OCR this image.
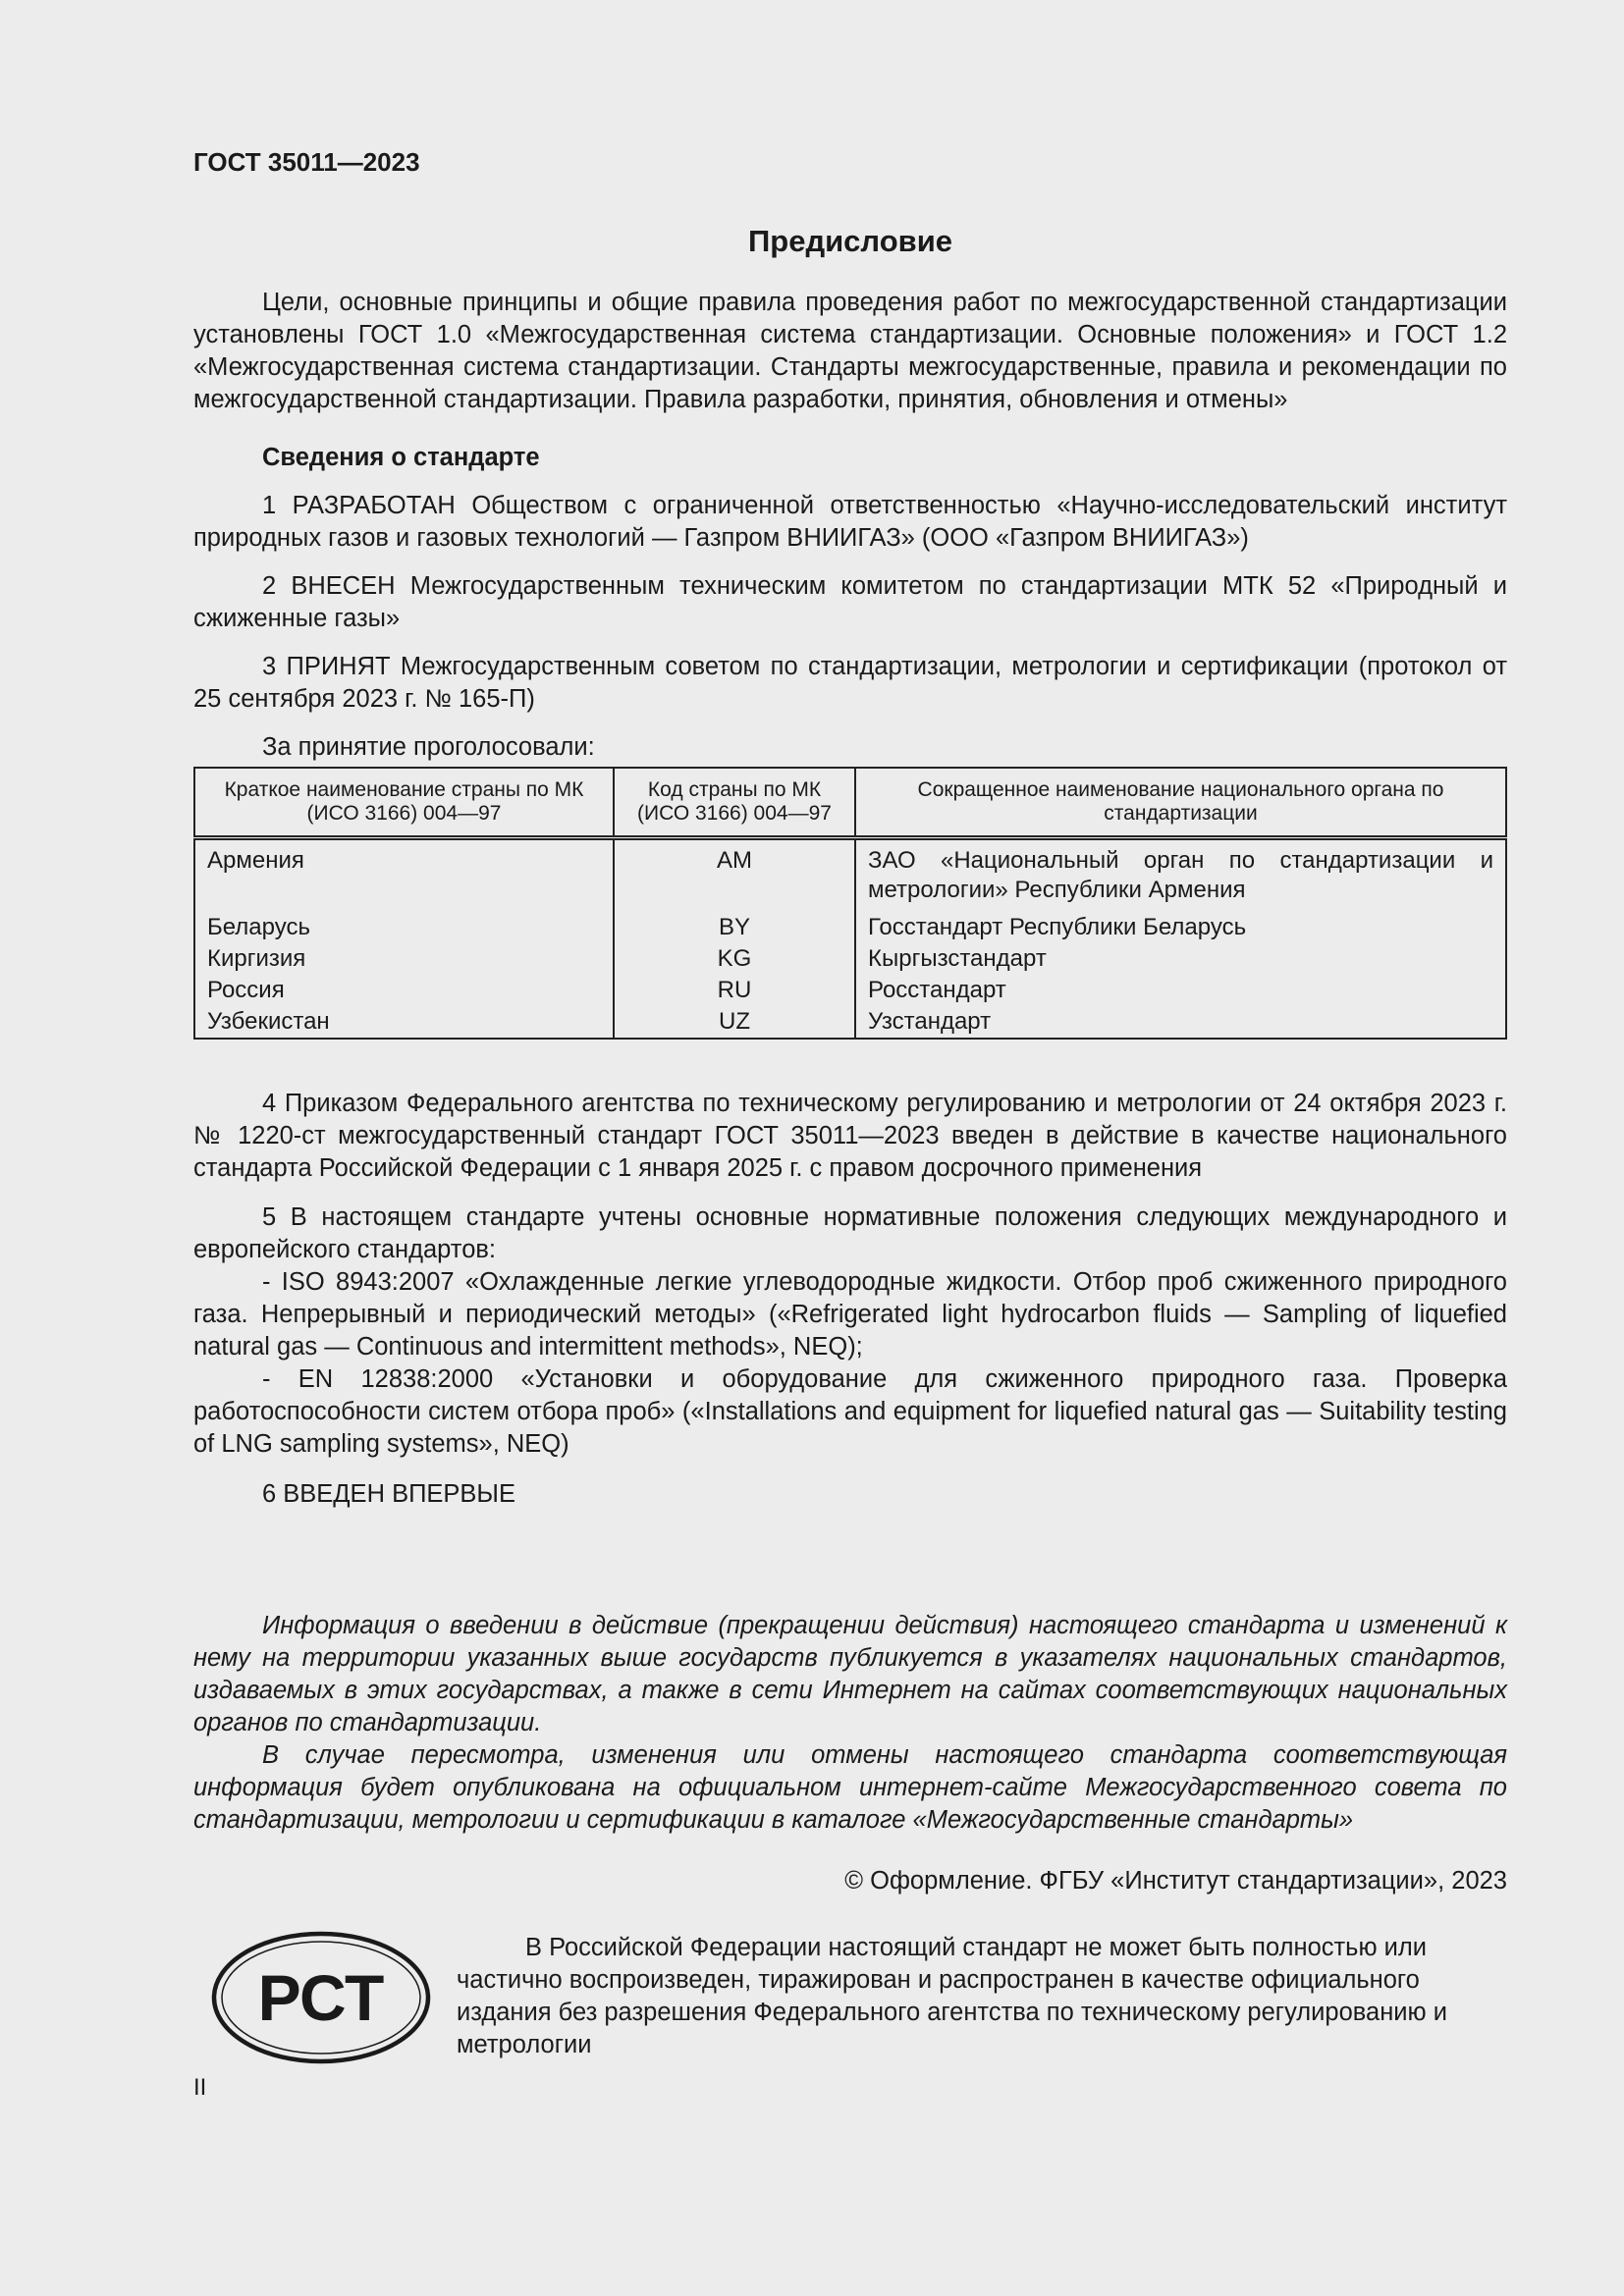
ГОСТ 35011—2023
Предисловие

Цели, основные принципы и общие правила проведения работ по межгосударственной стандартизации установлены ГОСТ 1.0 «Межгосударственная система стандартизации. Основные положения» и ГОСТ 1.2 «Межгосударственная система стандартизации. Стандарты межгосударственные, правила и рекомендации по межгосударственной стандартизации. Правила разработки, принятия, обновления и отмены»

Сведения о стандарте

1 РАЗРАБОТАН Обществом с ограниченной ответственностью «Научно-исследовательский институт природных газов и газовых технологий — Газпром ВНИИГАЗ» (ООО «Газпром ВНИИГАЗ»)

2 ВНЕСЕН Межгосударственным техническим комитетом по стандартизации МТК 52 «Природный и сжиженные газы»

3 ПРИНЯТ Межгосударственным советом по стандартизации, метрологии и сертификации (протокол от 25 сентября 2023 г. № 165-П)

За принятие проголосовали:

Краткое наименование страны по МК (ИСО 3166) 004—97	Код страны по МК (ИСО 3166) 004—97	Сокращенное наименование национального органа по стандартизации
Армения	AM	ЗАО «Национальный орган по стандартизации и метрологии» Республики Армения
Беларусь	BY	Госстандарт Республики Беларусь
Киргизия	KG	Кыргызстандарт
Россия	RU	Росстандарт
Узбекистан	UZ	Узстандарт

4 Приказом Федерального агентства по техническому регулированию и метрологии от 24 октября 2023 г. № 1220-ст межгосударственный стандарт ГОСТ 35011—2023 введен в действие в качестве национального стандарта Российской Федерации с 1 января 2025 г. с правом досрочного применения

5 В настоящем стандарте учтены основные нормативные положения следующих международного и европейского стандартов:

- ISO 8943:2007 «Охлажденные легкие углеводородные жидкости. Отбор проб сжиженного природного газа. Непрерывный и периодический методы» («Refrigerated light hydrocarbon fluids — Sampling of liquefied natural gas — Continuous and intermittent methods», NEQ);

- EN 12838:2000 «Установки и оборудование для сжиженного природного газа. Проверка работоспособности систем отбора проб» («Installations and equipment for liquefied natural gas — Suitability testing of LNG sampling systems», NEQ)

6 ВВЕДЕН ВПЕРВЫЕ

Информация о введении в действие (прекращении действия) настоящего стандарта и изменений к нему на территории указанных выше государств публикуется в указателях национальных стандартов, издаваемых в этих государствах, а также в сети Интернет на сайтах соответствующих национальных органов по стандартизации.

В случае пересмотра, изменения или отмены настоящего стандарта соответствующая информация будет опубликована на официальном интернет-сайте Межгосударственного совета по стандартизации, метрологии и сертификации в каталоге «Межгосударственные стандарты»

© Оформление. ФГБУ «Институт стандартизации», 2023
РСТ

В Российской Федерации настоящий стандарт не может быть полностью или частично воспроизведен, тиражирован и распространен в качестве официального издания без разрешения Федерального агентства по техническому регулированию и метрологии

II
